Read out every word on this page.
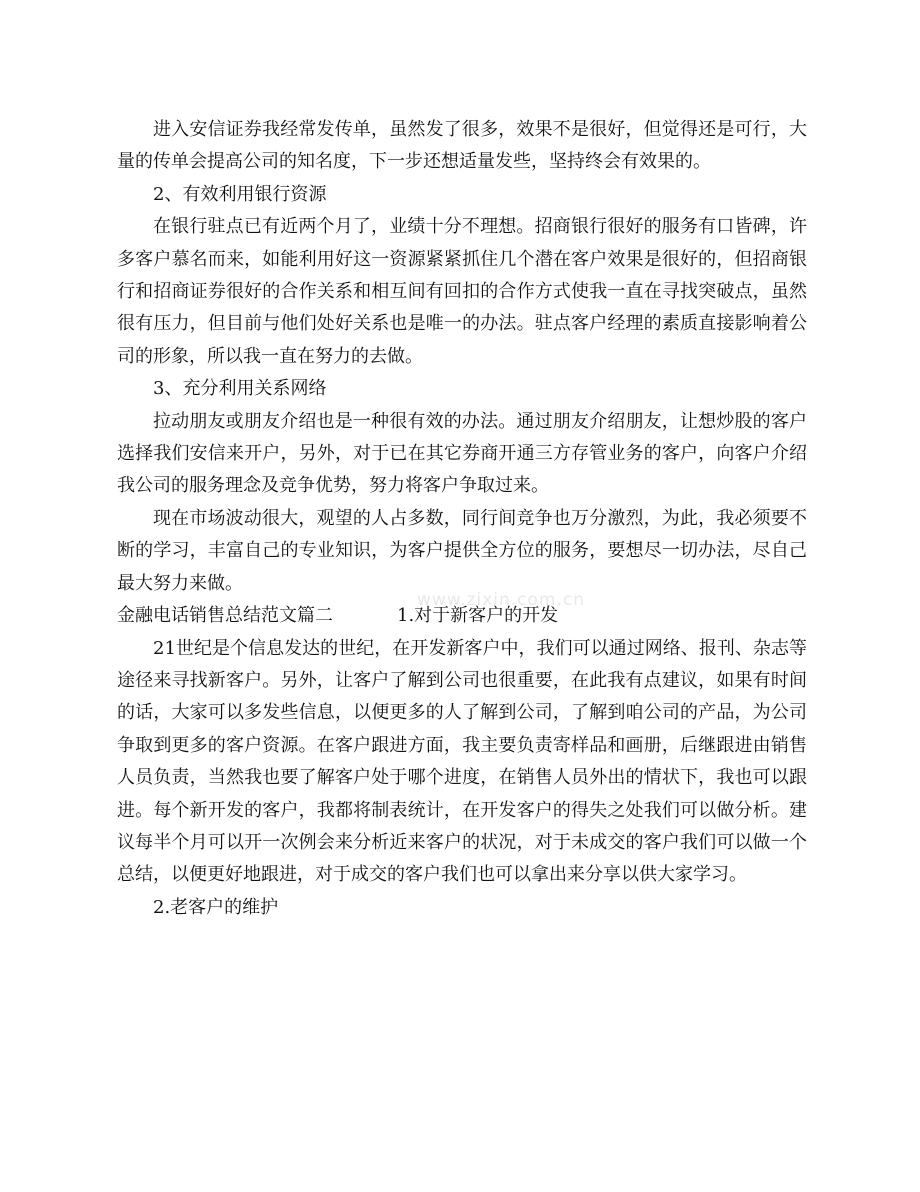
进入安信证券我经常发传单，虽然发了很多，效果不是很好，但觉得还是可行，大量的传单会提高公司的知名度，下一步还想适量发些，坚持终会有效果的。

2、有效利用银行资源

在银行驻点已有近两个月了，业绩十分不理想。招商银行很好的服务有口皆碑，许多客户慕名而来，如能利用好这一资源紧紧抓住几个潜在客户效果是很好的，但招商银行和招商证券很好的合作关系和相互间有回扣的合作方式使我一直在寻找突破点，虽然很有压力，但目前与他们处好关系也是唯一的办法。驻点客户经理的素质直接影响着公司的形象，所以我一直在努力的去做。

3、充分利用关系网络

拉动朋友或朋友介绍也是一种很有效的办法。通过朋友介绍朋友，让想炒股的客户选择我们安信来开户，另外，对于已在其它券商开通三方存管业务的客户，向客户介绍我公司的服务理念及竞争优势，努力将客户争取过来。

现在市场波动很大，观望的人占多数，同行间竞争也万分激烈，为此，我必须要不断的学习，丰富自己的专业知识，为客户提供全方位的服务，要想尽一切办法，尽自己最大努力来做。

金融电话销售总结范文篇二	1.对于新客户的开发

21世纪是个信息发达的世纪，在开发新客户中，我们可以通过网络、报刊、杂志等途径来寻找新客户。另外，让客户了解到公司也很重要，在此我有点建议，如果有时间的话，大家可以多发些信息，以便更多的人了解到公司，了解到咱公司的产品，为公司争取到更多的客户资源。在客户跟进方面，我主要负责寄样品和画册，后继跟进由销售人员负责，当然我也要了解客户处于哪个进度，在销售人员外出的情状下，我也可以跟进。每个新开发的客户，我都将制表统计，在开发客户的得失之处我们可以做分析。建议每半个月可以开一次例会来分析近来客户的状况，对于未成交的客户我们可以做一个总结，以便更好地跟进，对于成交的客户我们也可以拿出来分享以供大家学习。

2.老客户的维护

www.zixin.com.cn
